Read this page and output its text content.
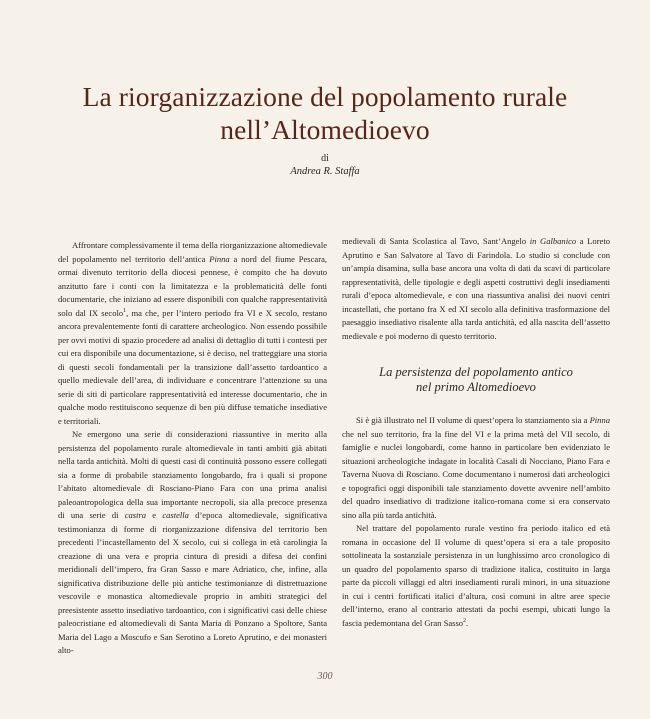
La riorganizzazione del popolamento rurale
nell’Altomedioevo
di
Andrea R. Staffa

Affrontare complessivamente il tema della riorganizzazione altomedievale del popolamento nel territorio dell’antica Pinna a nord del fiume Pescara, ormai divenuto territorio della diocesi pennese, è compito che ha dovuto anzitutto fare i conti con la limitatezza e la problematicità delle fonti documentarie, che iniziano ad essere disponibili con qualche rappresentatività solo dal IX secolo$^1$, ma che, per l’intero periodo fra VI e X secolo, restano ancora prevalentemente fonti di carattere archeologico. Non essendo possibile per ovvi motivi di spazio procedere ad analisi di dettaglio di tutti i contesti per cui era disponibile una documentazione, si è deciso, nel tratteggiare una storia di questi secoli fondamentali per la transizione dall’assetto tardoantico a quello medievale dell’area, di individuare e concentrare l’attenzione su una serie di siti di particolare rappresentatività ed interesse documentario, che in qualche modo restituiscono sequenze di ben più diffuse tematiche insediative e territoriali.

Ne emergono una serie di considerazioni riassuntive in merito alla persistenza del popolamento rurale altomedievale in tanti ambiti già abitati nella tarda antichità. Molti di questi casi di continuità possono essere collegati sia a forme di probabile stanziamento longobardo, fra i quali si propone l’abitato altomedievale di Rosciano-Piano Fara con una prima analisi paleoantropologica della sua importante necropoli, sia alla precoce presenza di una serie di castra e castella d’epoca altomedievale, significativa testimonianza di forme di riorganizzazione difensiva del territorio ben precedenti l’incastellamento del X secolo, cui si collega in età carolingia la creazione di una vera e propria cintura di presidi a difesa dei confini meridionali dell’impero, fra Gran Sasso e mare Adriatico, che, infine, alla significativa distribuzione delle più antiche testimonianze di distrettuazione vescovile e monastica altomedievale proprio in ambiti strategici del preesistente assetto insediativo tardoantico, con i significativi casi delle chiese paleocristiane ed altomedievali di Santa Maria di Ponzano a Spoltore, Santa Maria del Lago a Moscufo e San Serotino a Loreto Aprutino, e dei monasteri alto-

medievali di Santa Scolastica al Tavo, Sant’Angelo in Galbanico a Loreto Aprutino e San Salvatore al Tavo di Farindola. Lo studio si conclude con un’ampia disamina, sulla base ancora una volta di dati da scavi di particolare rappresentatività, delle tipologie e degli aspetti costruttivi degli insediamenti rurali d’epoca altomedievale, e con una riassuntiva analisi dei nuovi centri incastellati, che portano fra X ed XI secolo alla definitiva trasformazione del paesaggio insediativo risalente alla tarda antichità, ed alla nascita dell’assetto medievale e poi moderno di questo territorio.

La persistenza del popolamento antico
nel primo Altomedioevo

Si è già illustrato nel II volume di quest’opera lo stanziamento sia a Pinna che nel suo territorio, fra la fine del VI e la prima metà del VII secolo, di famiglie e nuclei longobardi, come hanno in particolare ben evidenziato le situazioni archeologiche indagate in località Casali di Nocciano, Piano Fara e Taverna Nuova di Rosciano. Come documentano i numerosi dati archeologici e topografici oggi disponibili tale stanziamento dovette avvenire nell’ambito del quadro insediativo di tradizione italico-romana come si era conservato sino alla più tarda antichità.

Nel trattare del popolamento rurale vestino fra periodo italico ed età romana in occasione del II volume di quest’opera si era a tale proposito sottolineata la sostanziale persistenza in un lunghissimo arco cronologico di un quadro del popolamento sparso di tradizione italica, costituito in larga parte da piccoli villaggi ed altri insediamenti rurali minori, in una situazione in cui i centri fortificati italici d’altura, così comuni in altre aree specie dell’interno, erano al contrario attestati da pochi esempi, ubicati lungo la fascia pedemontana del Gran Sasso$^2$.

300
